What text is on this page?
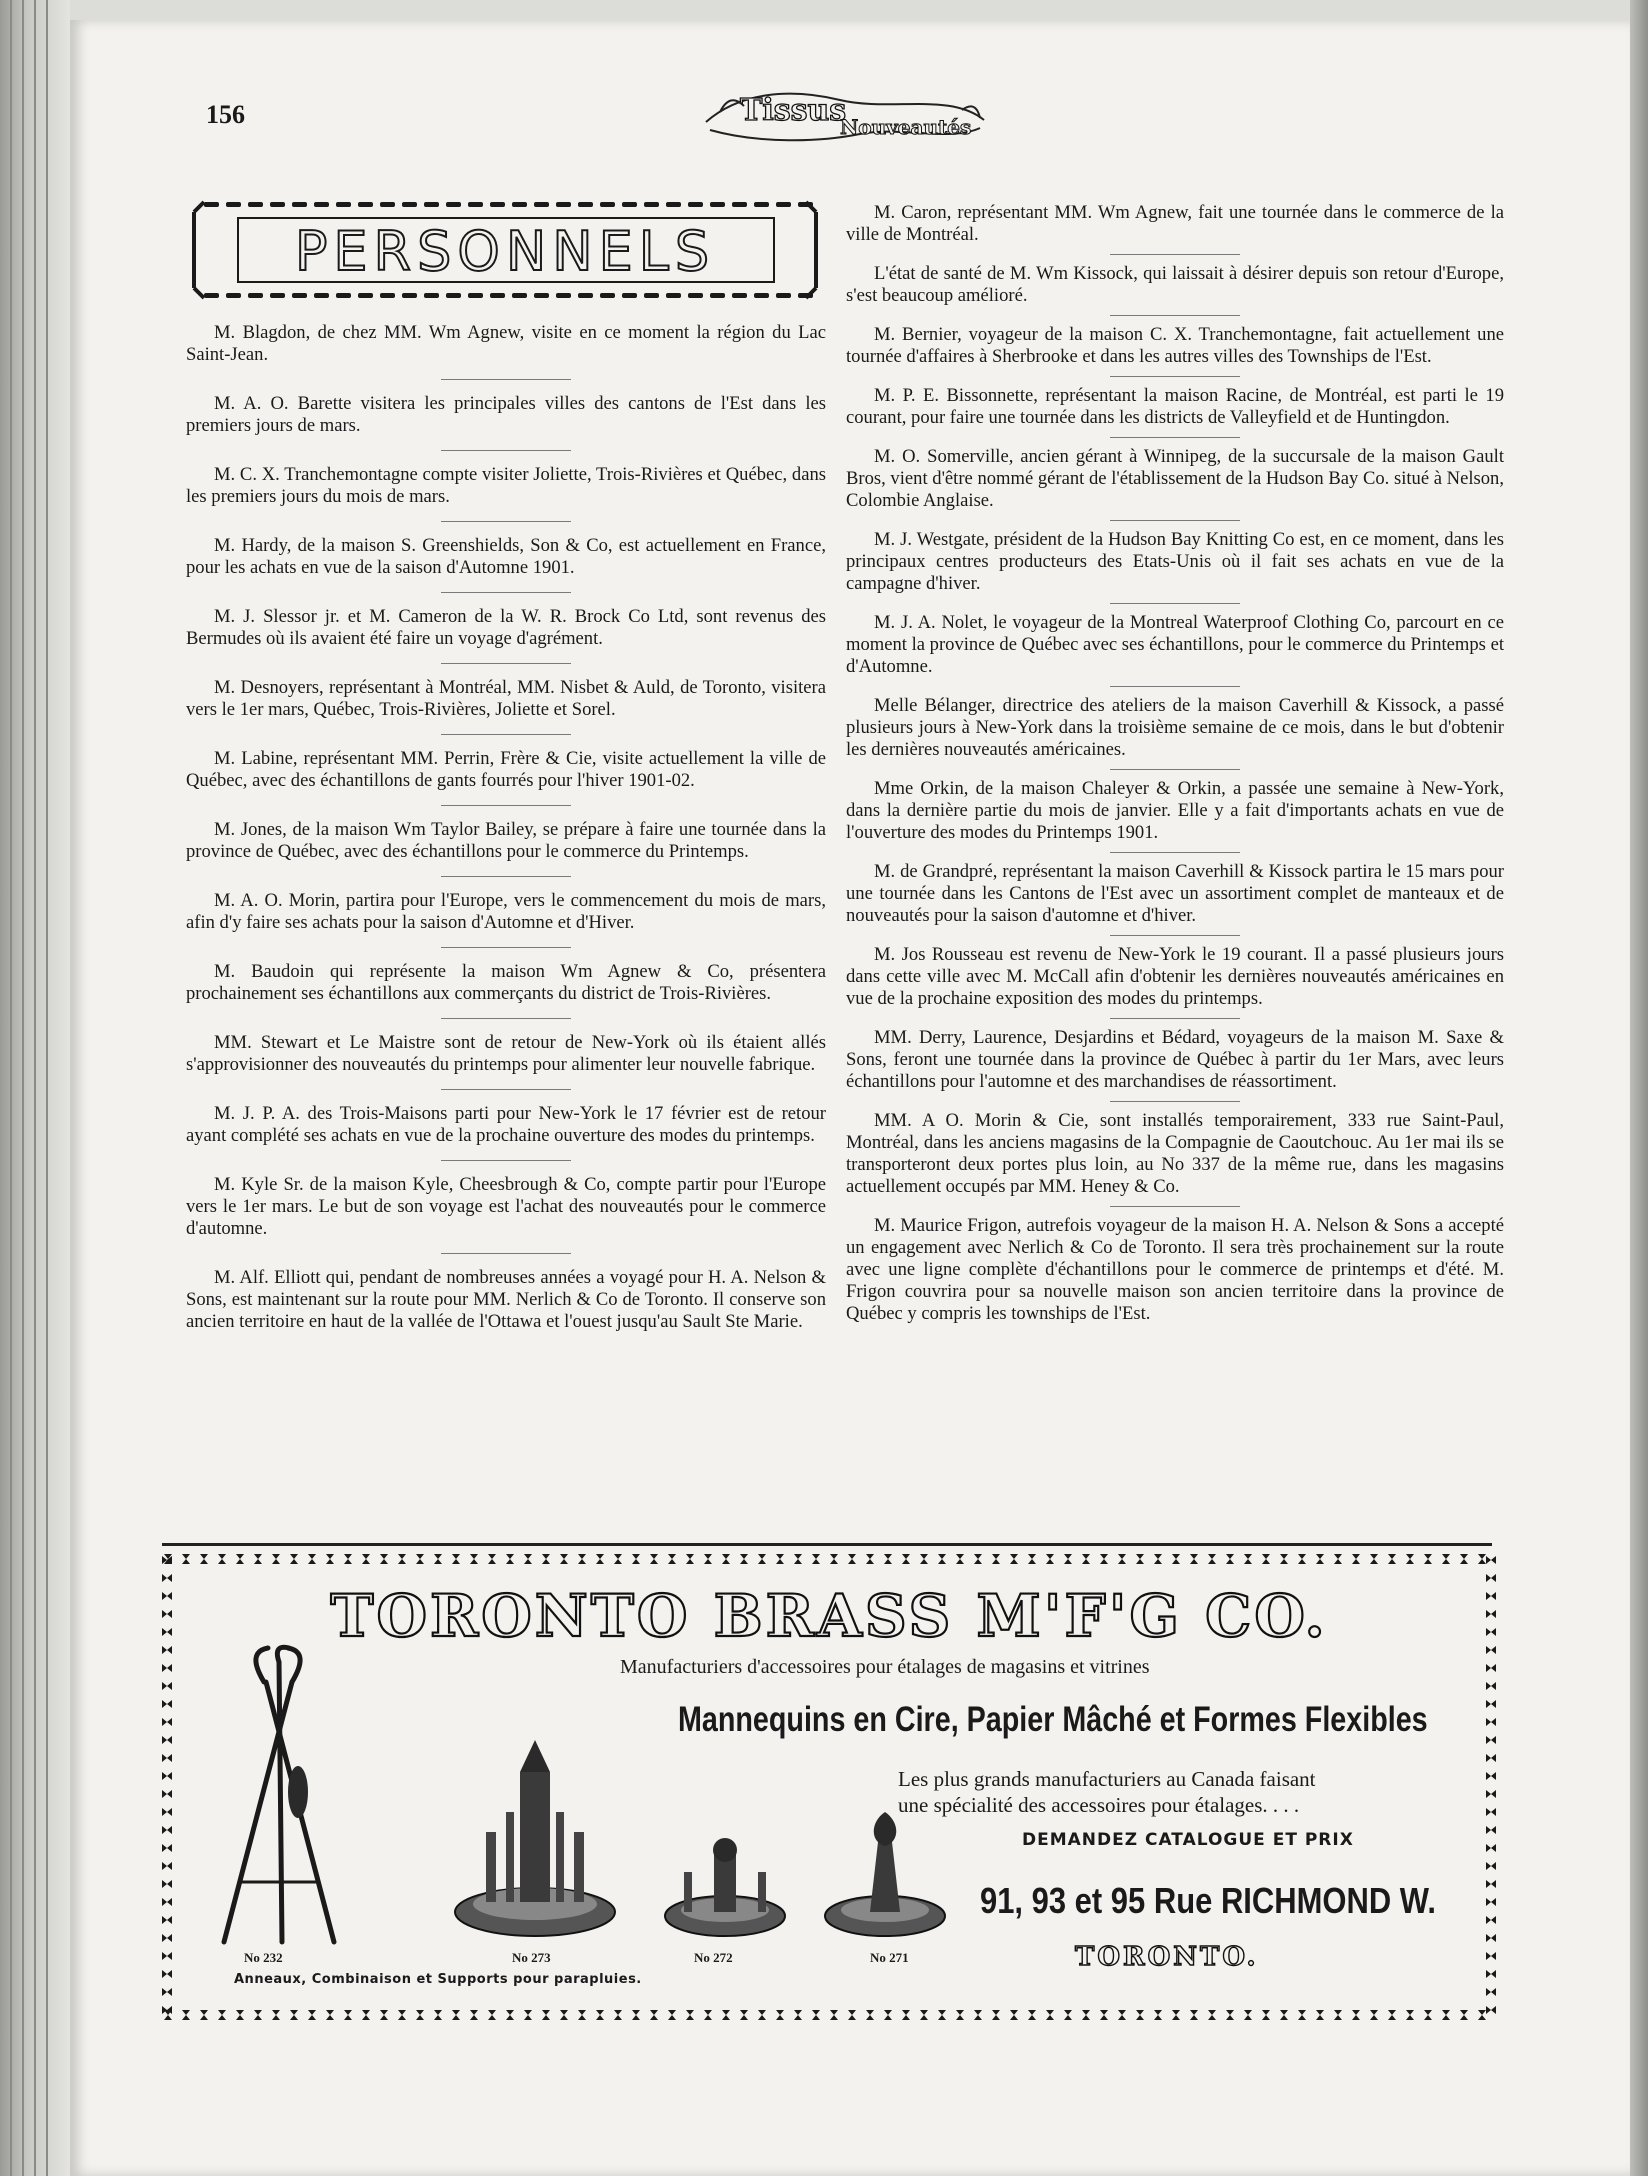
156	Tissus
Nouveautés
PERSONNELS

M. Blagdon, de chez MM. Wm Agnew, visite en ce moment la région du Lac Saint-Jean.

M. A. O. Barette visitera les principales villes des cantons de l'Est dans les premiers jours de mars.

M. C. X. Tranchemontagne compte visiter Joliette, Trois-Rivières et Québec, dans les premiers jours du mois de mars.

M. Hardy, de la maison S. Greenshields, Son & Co, est actuellement en France, pour les achats en vue de la saison d'Automne 1901.

M. J. Slessor jr. et M. Cameron de la W. R. Brock Co Ltd, sont revenus des Bermudes où ils avaient été faire un voyage d'agrément.

M. Desnoyers, représentant à Montréal, MM. Nisbet & Auld, de Toronto, visitera vers le 1er mars, Québec, Trois-Rivières, Joliette et Sorel.

M. Labine, représentant MM. Perrin, Frère & Cie, visite actuellement la ville de Québec, avec des échantillons de gants fourrés pour l'hiver 1901-02.

M. Jones, de la maison Wm Taylor Bailey, se prépare à faire une tournée dans la province de Québec, avec des échantillons pour le commerce du Printemps.

M. A. O. Morin, partira pour l'Europe, vers le commencement du mois de mars, afin d'y faire ses achats pour la saison d'Automne et d'Hiver.

M. Baudoin qui représente la maison Wm Agnew & Co, présentera prochainement ses échantillons aux commerçants du district de Trois-Rivières.

MM. Stewart et Le Maistre sont de retour de New-York où ils étaient allés s'approvisionner des nouveautés du printemps pour alimenter leur nouvelle fabrique.

M. J. P. A. des Trois-Maisons parti pour New-York le 17 février est de retour ayant complété ses achats en vue de la prochaine ouverture des modes du printemps.

M. Kyle Sr. de la maison Kyle, Cheesbrough & Co, compte partir pour l'Europe vers le 1er mars. Le but de son voyage est l'achat des nouveautés pour le commerce d'automne.

M. Alf. Elliott qui, pendant de nombreuses années a voyagé pour H. A. Nelson & Sons, est maintenant sur la route pour MM. Nerlich & Co de Toronto. Il conserve son ancien territoire en haut de la vallée de l'Ottawa et l'ouest jusqu'au Sault Ste Marie.

M. Caron, représentant MM. Wm Agnew, fait une tournée dans le commerce de la ville de Montréal.

L'état de santé de M. Wm Kissock, qui laissait à désirer depuis son retour d'Europe, s'est beaucoup amélioré.

M. Bernier, voyageur de la maison C. X. Tranchemontagne, fait actuellement une tournée d'affaires à Sherbrooke et dans les autres villes des Townships de l'Est.

M. P. E. Bissonnette, représentant la maison Racine, de Montréal, est parti le 19 courant, pour faire une tournée dans les districts de Valleyfield et de Huntingdon.

M. O. Somerville, ancien gérant à Winnipeg, de la succursale de la maison Gault Bros, vient d'être nommé gérant de l'établissement de la Hudson Bay Co. situé à Nelson, Colombie Anglaise.

M. J. Westgate, président de la Hudson Bay Knitting Co est, en ce moment, dans les principaux centres producteurs des Etats-Unis où il fait ses achats en vue de la campagne d'hiver.

M. J. A. Nolet, le voyageur de la Montreal Waterproof Clothing Co, parcourt en ce moment la province de Québec avec ses échantillons, pour le commerce du Printemps et d'Automne.

Melle Bélanger, directrice des ateliers de la maison Caverhill & Kissock, a passé plusieurs jours à New-York dans la troisième semaine de ce mois, dans le but d'obtenir les dernières nouveautés américaines.

Mme Orkin, de la maison Chaleyer & Orkin, a passée une semaine à New-York, dans la dernière partie du mois de janvier. Elle y a fait d'importants achats en vue de l'ouverture des modes du Printemps 1901.

M. de Grandpré, représentant la maison Caverhill & Kissock partira le 15 mars pour une tournée dans les Cantons de l'Est avec un assortiment complet de manteaux et de nouveautés pour la saison d'automne et d'hiver.

M. Jos Rousseau est revenu de New-York le 19 courant. Il a passé plusieurs jours dans cette ville avec M. McCall afin d'obtenir les dernières nouveautés américaines en vue de la prochaine exposition des modes du printemps.

MM. Derry, Laurence, Desjardins et Bédard, voyageurs de la maison M. Saxe & Sons, feront une tournée dans la province de Québec à partir du 1er Mars, avec leurs échantillons pour l'automne et des marchandises de réassortiment.

MM. A O. Morin & Cie, sont installés temporairement, 333 rue Saint-Paul, Montréal, dans les anciens magasins de la Compagnie de Caoutchouc. Au 1er mai ils se transporteront deux portes plus loin, au No 337 de la même rue, dans les magasins actuellement occupés par MM. Heney & Co.

M. Maurice Frigon, autrefois voyageur de la maison H. A. Nelson & Sons a accepté un engagement avec Nerlich & Co de Toronto. Il sera très prochainement sur la route avec une ligne complète d'échantillons pour le commerce de printemps et d'été. M. Frigon couvrira pour sa nouvelle maison son ancien territoire dans la province de Québec y compris les townships de l'Est.

TORONTO BRASS M'F'G CO.
Manufacturiers d'accessoires pour étalages de magasins et vitrines
Mannequins en Cire, Papier Mâché et Formes Flexibles
Les plus grands manufacturiers au Canada faisant
une spécialité des accessoires pour étalages. . . .
DEMANDEZ CATALOGUE ET PRIX
91, 93 et 95 Rue RICHMOND W.
TORONTO.
No 232	No 273	No 272	No 271
Anneaux, Combinaison et Supports pour parapluies.
